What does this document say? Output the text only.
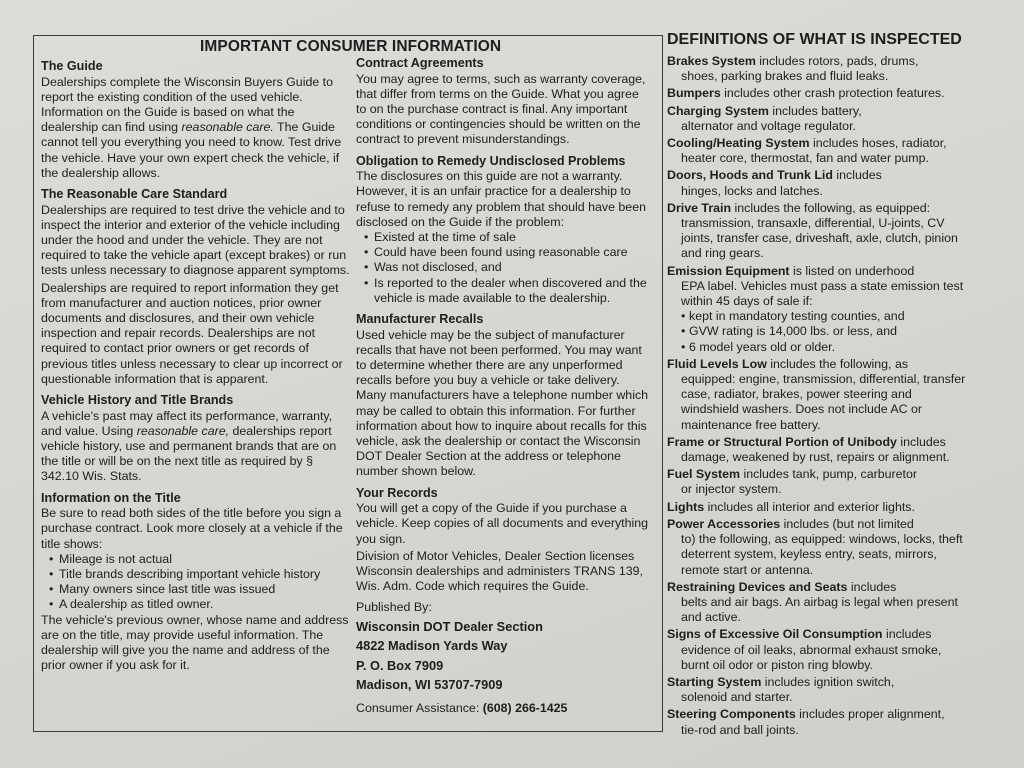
IMPORTANT CONSUMER INFORMATION
The Guide

Dealerships complete the Wisconsin Buyers Guide to report the existing condition of the used vehicle. Information on the Guide is based on what the dealership can find using reasonable care. The Guide cannot tell you everything you need to know. Test drive the vehicle. Have your own expert check the vehicle, if the dealership allows.

The Reasonable Care Standard

Dealerships are required to test drive the vehicle and to inspect the interior and exterior of the vehicle including under the hood and under the vehicle. They are not required to take the vehicle apart (except brakes) or run tests unless necessary to diagnose apparent symptoms.

Dealerships are required to report information they get from manufacturer and auction notices, prior owner documents and disclosures, and their own vehicle inspection and repair records. Dealerships are not required to contact prior owners or get records of previous titles unless necessary to clear up incorrect or questionable information that is apparent.

Vehicle History and Title Brands

A vehicle's past may affect its performance, warranty, and value. Using reasonable care, dealerships report vehicle history, use and permanent brands that are on the title or will be on the next title as required by § 342.10 Wis. Stats.

Information on the Title

Be sure to read both sides of the title before you sign a purchase contract. Look more closely at a vehicle if the title shows:

• Mileage is not actual
• Title brands describing important vehicle history
• Many owners since last title was issued
• A dealership as titled owner.

The vehicle's previous owner, whose name and address are on the title, may provide useful information. The dealership will give you the name and address of the prior owner if you ask for it.

Contract Agreements

You may agree to terms, such as warranty coverage, that differ from terms on the Guide. What you agree to on the purchase contract is final. Any important conditions or contingencies should be written on the contract to prevent misunderstandings.

Obligation to Remedy Undisclosed Problems

The disclosures on this guide are not a warranty. However, it is an unfair practice for a dealership to refuse to remedy any problem that should have been disclosed on the Guide if the problem:

• Existed at the time of sale
• Could have been found using reasonable care
• Was not disclosed, and
• Is reported to the dealer when discovered and the vehicle is made available to the dealership.
Manufacturer Recalls

Used vehicle may be the subject of manufacturer recalls that have not been performed. You may want to determine whether there are any unperformed recalls before you buy a vehicle or take delivery. Many manufacturers have a telephone number which may be called to obtain this information. For further information about how to inquire about recalls for this vehicle, ask the dealership or contact the Wisconsin DOT Dealer Section at the address or telephone number shown below.

Your Records

You will get a copy of the Guide if you purchase a vehicle. Keep copies of all documents and everything you sign.

Division of Motor Vehicles, Dealer Section licenses Wisconsin dealerships and administers TRANS 139, Wis. Adm. Code which requires the Guide.

Published By:

Wisconsin DOT Dealer Section
4822 Madison Yards Way
P. O. Box 7909
Madison, WI 53707-7909

Consumer Assistance: (608) 266-1425

DEFINITIONS OF WHAT IS INSPECTED
Brakes System includes rotors, pads, drums,
shoes, parking brakes and fluid leaks.
Bumpers includes other crash protection features.
Charging System includes battery,
alternator and voltage regulator.
Cooling/Heating System includes hoses, radiator,
heater core, thermostat, fan and water pump.
Doors, Hoods and Trunk Lid includes
hinges, locks and latches.
Drive Train includes the following, as equipped:
transmission, transaxle, differential, U-joints, CV joints, transfer case, driveshaft, axle, clutch, pinion and ring gears.
Emission Equipment is listed on underhood
EPA label. Vehicles must pass a state emission test within 45 days of sale if:
• kept in mandatory testing counties, and
• GVW rating is 14,000 lbs. or less, and
• 6 model years old or older.
Fluid Levels Low includes the following, as
equipped: engine, transmission, differential, transfer case, radiator, brakes, power steering and windshield washers. Does not include AC or maintenance free battery.
Frame or Structural Portion of Unibody includes
damage, weakened by rust, repairs or alignment.
Fuel System includes tank, pump, carburetor
or injector system.
Lights includes all interior and exterior lights.
Power Accessories includes (but not limited
to) the following, as equipped: windows, locks, theft deterrent system, keyless entry, seats, mirrors, remote start or antenna.
Restraining Devices and Seats includes
belts and air bags. An airbag is legal when present and active.
Signs of Excessive Oil Consumption includes
evidence of oil leaks, abnormal exhaust smoke, burnt oil odor or piston ring blowby.
Starting System includes ignition switch,
solenoid and starter.
Steering Components includes proper alignment,
tie-rod and ball joints.
